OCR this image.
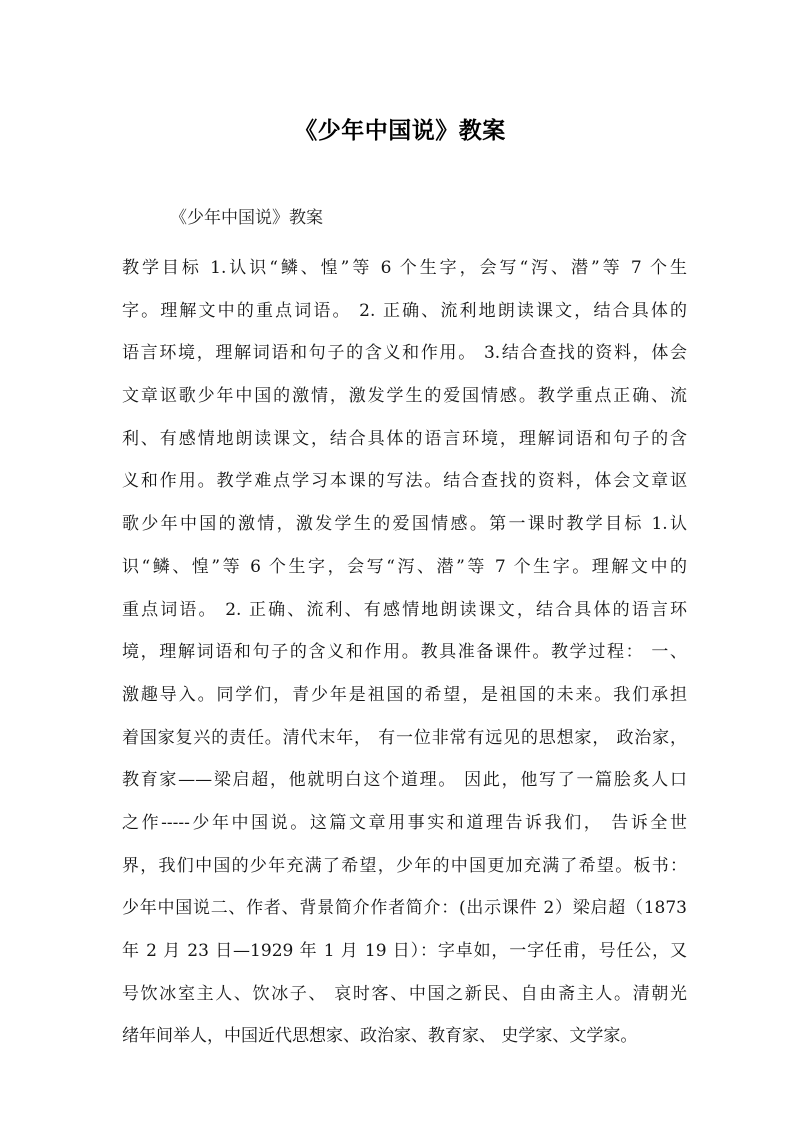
《少年中国说》教案
《少年中国说》教案
教学目标 1.认识“鳞、惶”等 6 个生字，会写“泻、潜”等 7 个生
字。理解文中的重点词语。 2. 正确、流利地朗读课文，结合具体的
语言环境，理解词语和句子的含义和作用。 3.结合查找的资料，体会
文章讴歌少年中国的激情，激发学生的爱国情感。教学重点正确、流
利、有感情地朗读课文，结合具体的语言环境，理解词语和句子的含
义和作用。教学难点学习本课的写法。结合查找的资料，体会文章讴
歌少年中国的激情，激发学生的爱国情感。第一课时教学目标 1.认
识“鳞、惶”等 6 个生字，会写“泻、潜”等 7 个生字。理解文中的
重点词语。 2. 正确、流利、有感情地朗读课文，结合具体的语言环
境，理解词语和句子的含义和作用。教具准备课件。教学过程： 一、
激趣导入。同学们，青少年是祖国的希望，是祖国的未来。我们承担
着国家复兴的责任。清代末年， 有一位非常有远见的思想家， 政治家，
教育家——梁启超，他就明白这个道理。 因此，他写了一篇脍炙人口
之作-----少年中国说。这篇文章用事实和道理告诉我们， 告诉全世
界，我们中国的少年充满了希望，少年的中国更加充满了希望。板书：
少年中国说二、作者、背景简介作者简介：(出示课件 2）梁启超（1873
年 2 月 23 日—1929 年 1 月 19 日）：字卓如，一字任甫，号任公，又
号饮冰室主人、饮冰子、 哀时客、中国之新民、自由斋主人。清朝光
绪年间举人，中国近代思想家、政治家、教育家、 史学家、文学家。
